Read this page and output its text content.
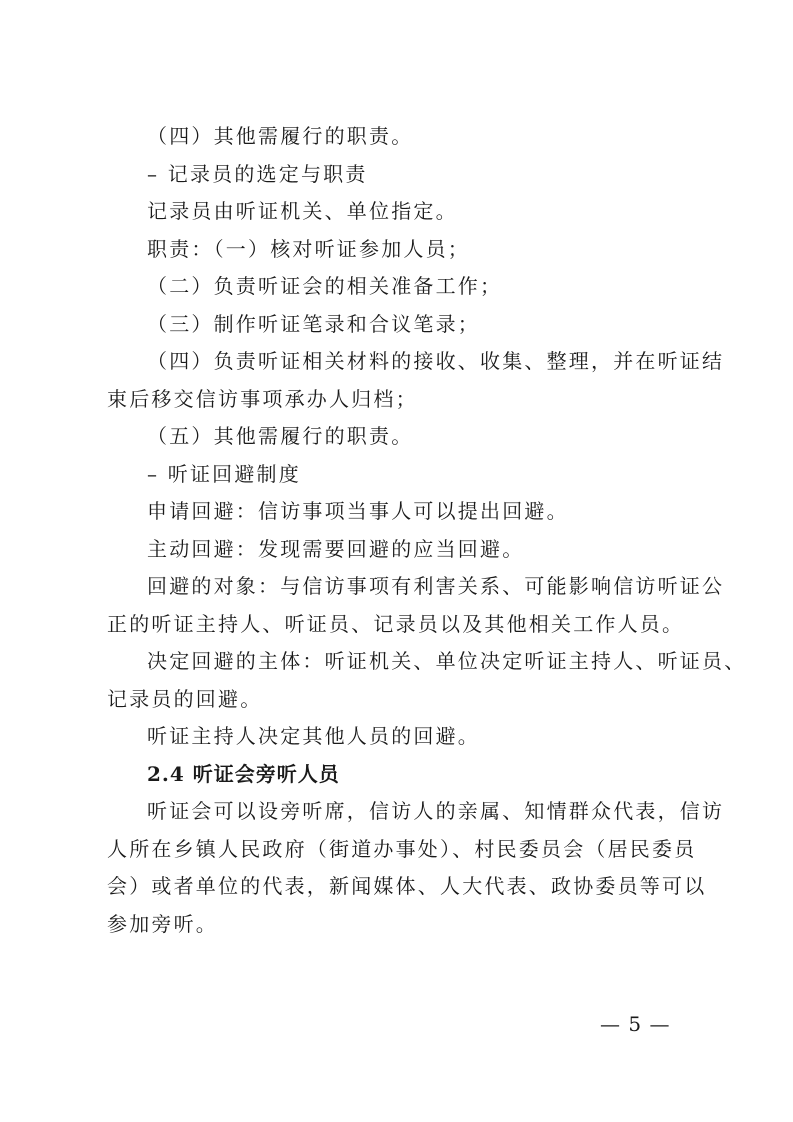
（四）其他需履行的职责。
– 记录员的选定与职责
记录员由听证机关、单位指定。
职责：（一）核对听证参加人员；
（二）负责听证会的相关准备工作；
（三）制作听证笔录和合议笔录；
（四）负责听证相关材料的接收、收集、整理，并在听证结
束后移交信访事项承办人归档；
（五）其他需履行的职责。
– 听证回避制度
申请回避：信访事项当事人可以提出回避。
主动回避：发现需要回避的应当回避。
回避的对象：与信访事项有利害关系、可能影响信访听证公
正的听证主持人、听证员、记录员以及其他相关工作人员。
决定回避的主体：听证机关、单位决定听证主持人、听证员、
记录员的回避。
听证主持人决定其他人员的回避。
2.4 听证会旁听人员
听证会可以设旁听席，信访人的亲属、知情群众代表，信访
人所在乡镇人民政府（街道办事处）、村民委员会（居民委员
会）或者单位的代表，新闻媒体、人大代表、政协委员等可以
参加旁听。
— 5 —
